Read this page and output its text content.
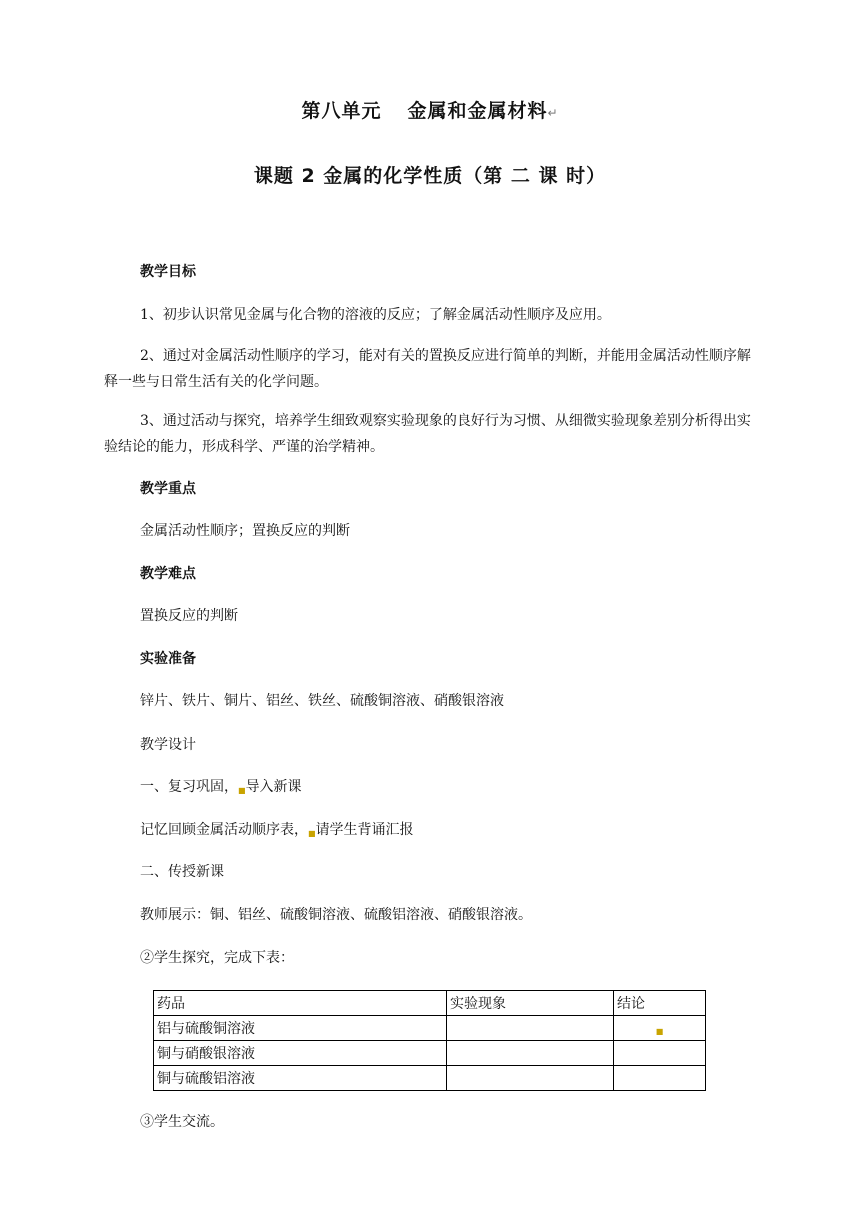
第八单元 金属和金属材料↵
课题 2 金属的化学性质（第 二 课 时）
教学目标
1、初步认识常见金属与化合物的溶液的反应；了解金属活动性顺序及应用。
2、通过对金属活动性顺序的学习，能对有关的置换反应进行简单的判断，并能用金属活动性顺序解释一些与日常生活有关的化学问题。
3、通过活动与探究，培养学生细致观察实验现象的良好行为习惯、从细微实验现象差别分析得出实验结论的能力，形成科学、严谨的治学精神。
教学重点
金属活动性顺序；置换反应的判断
教学难点
置换反应的判断
实验准备
锌片、铁片、铜片、铝丝、铁丝、硫酸铜溶液、硝酸银溶液
教学设计
一、复习巩固，■导入新课
记忆回顾金属活动顺序表，■请学生背诵汇报
二、传授新课
教师展示：铜、铝丝、硫酸铜溶液、硫酸铝溶液、硝酸银溶液。
②学生探究，完成下表：
药品	实验现象	结论
铝与硫酸铜溶液		■
铜与硝酸银溶液		
铜与硫酸铝溶液		
③学生交流。
